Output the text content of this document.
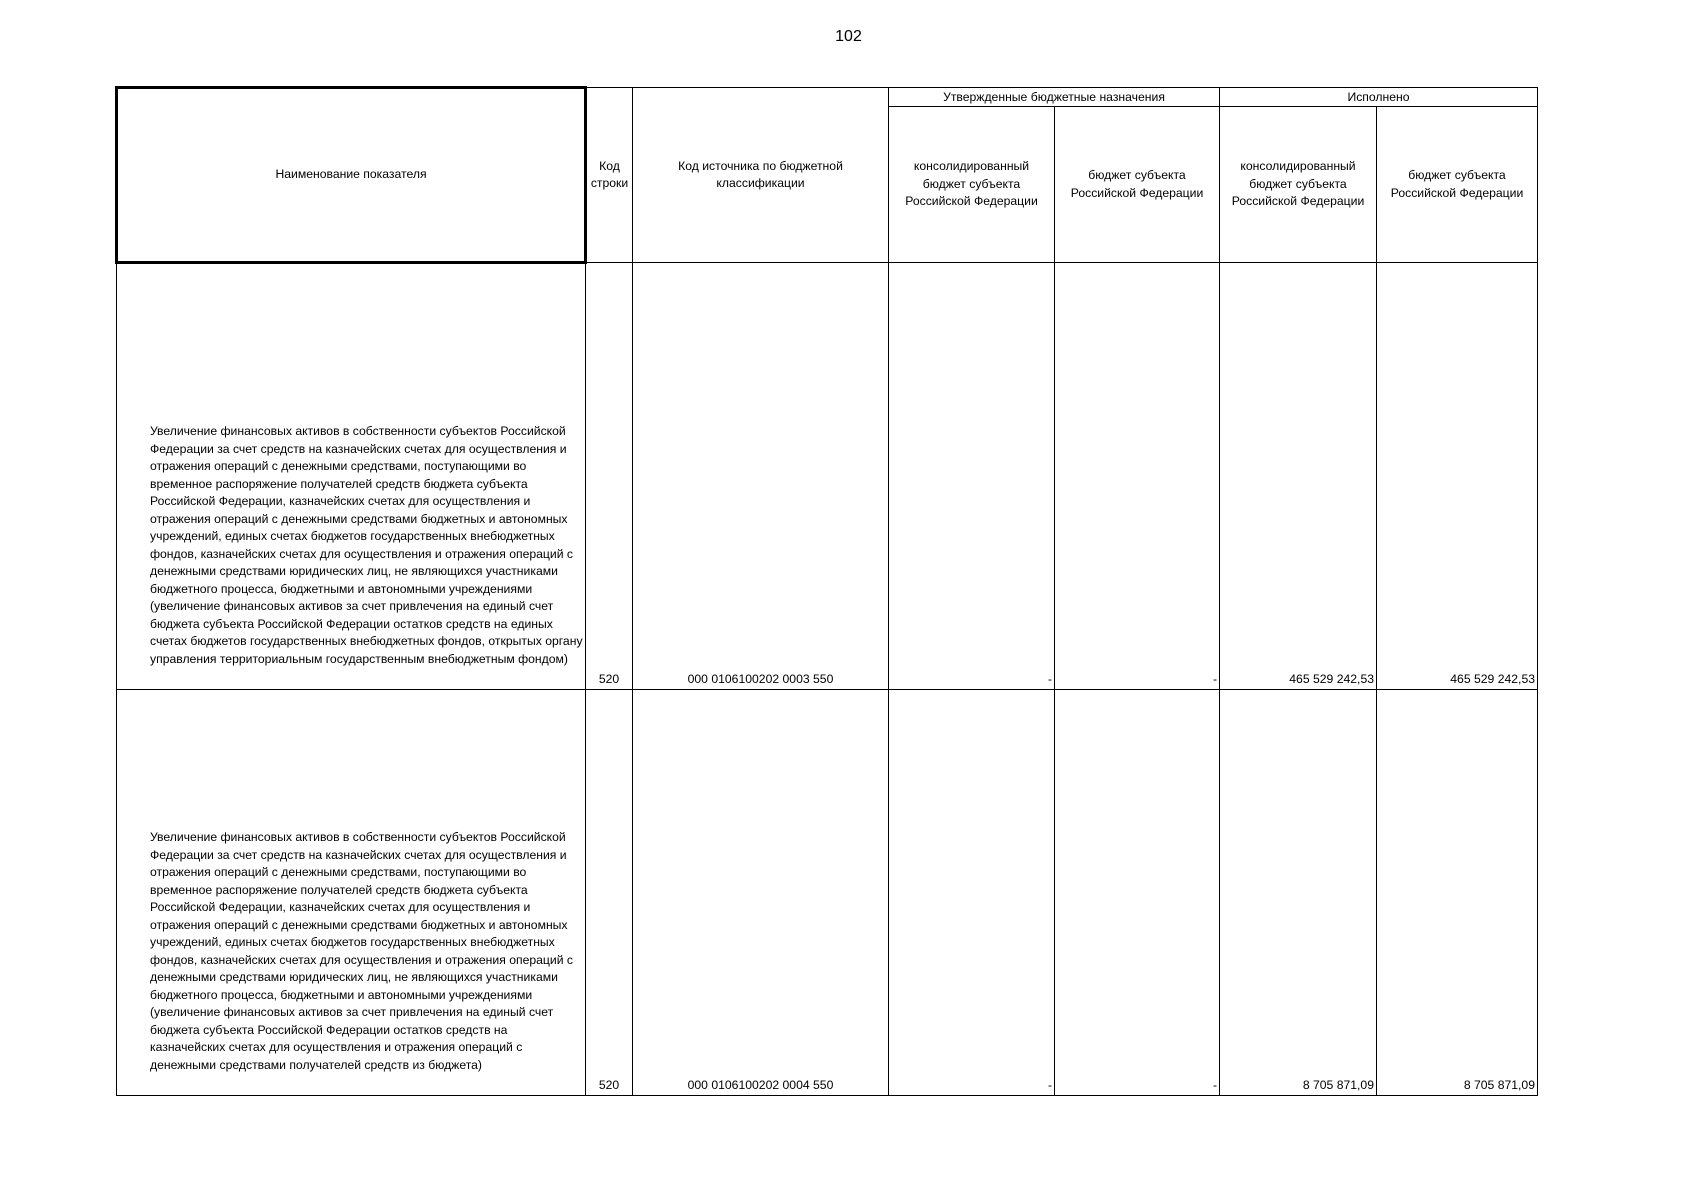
102
Наименование показателя	Код строки	Код источника по бюджетной классификации	Утвержденные бюджетные назначения		Исполнено	
			консолидированный бюджет субъекта Российской Федерации	бюджет субъекта Российской Федерации	консолидированный бюджет субъекта Российской Федерации	бюджет субъекта Российской Федерации
Увеличение финансовых активов в собственности субъектов Российской Федерации за счет средств на казначейских счетах для осуществления и отражения операций с денежными средствами, поступающими во временное распоряжение получателей средств бюджета субъекта Российской Федерации, казначейских счетах для осуществления и отражения операций с денежными средствами бюджетных и автономных учреждений, единых счетах бюджетов государственных внебюджетных фондов, казначейских счетах для осуществления и отражения операций с денежными средствами юридических лиц, не являющихся участниками бюджетного процесса, бюджетными и автономными учреждениями (увеличение финансовых активов за счет привлечения на единый счет бюджета субъекта Российской Федерации остатков средств на единых счетах бюджетов государственных внебюджетных фондов, открытых органу управления территориальным государственным внебюджетным фондом)	520	000 0106100202 0003 550	-	-	465 529 242,53	465 529 242,53
Увеличение финансовых активов в собственности субъектов Российской Федерации за счет средств на казначейских счетах для осуществления и отражения операций с денежными средствами, поступающими во временное распоряжение получателей средств бюджета субъекта Российской Федерации, казначейских счетах для осуществления и отражения операций с денежными средствами бюджетных и автономных учреждений, единых счетах бюджетов государственных внебюджетных фондов, казначейских счетах для осуществления и отражения операций с денежными средствами юридических лиц, не являющихся участниками бюджетного процесса, бюджетными и автономными учреждениями (увеличение финансовых активов за счет привлечения на единый счет бюджета субъекта Российской Федерации остатков средств на казначейских счетах для осуществления и отражения операций с денежными средствами получателей средств из бюджета)	520	000 0106100202 0004 550	-	-	8 705 871,09	8 705 871,09
